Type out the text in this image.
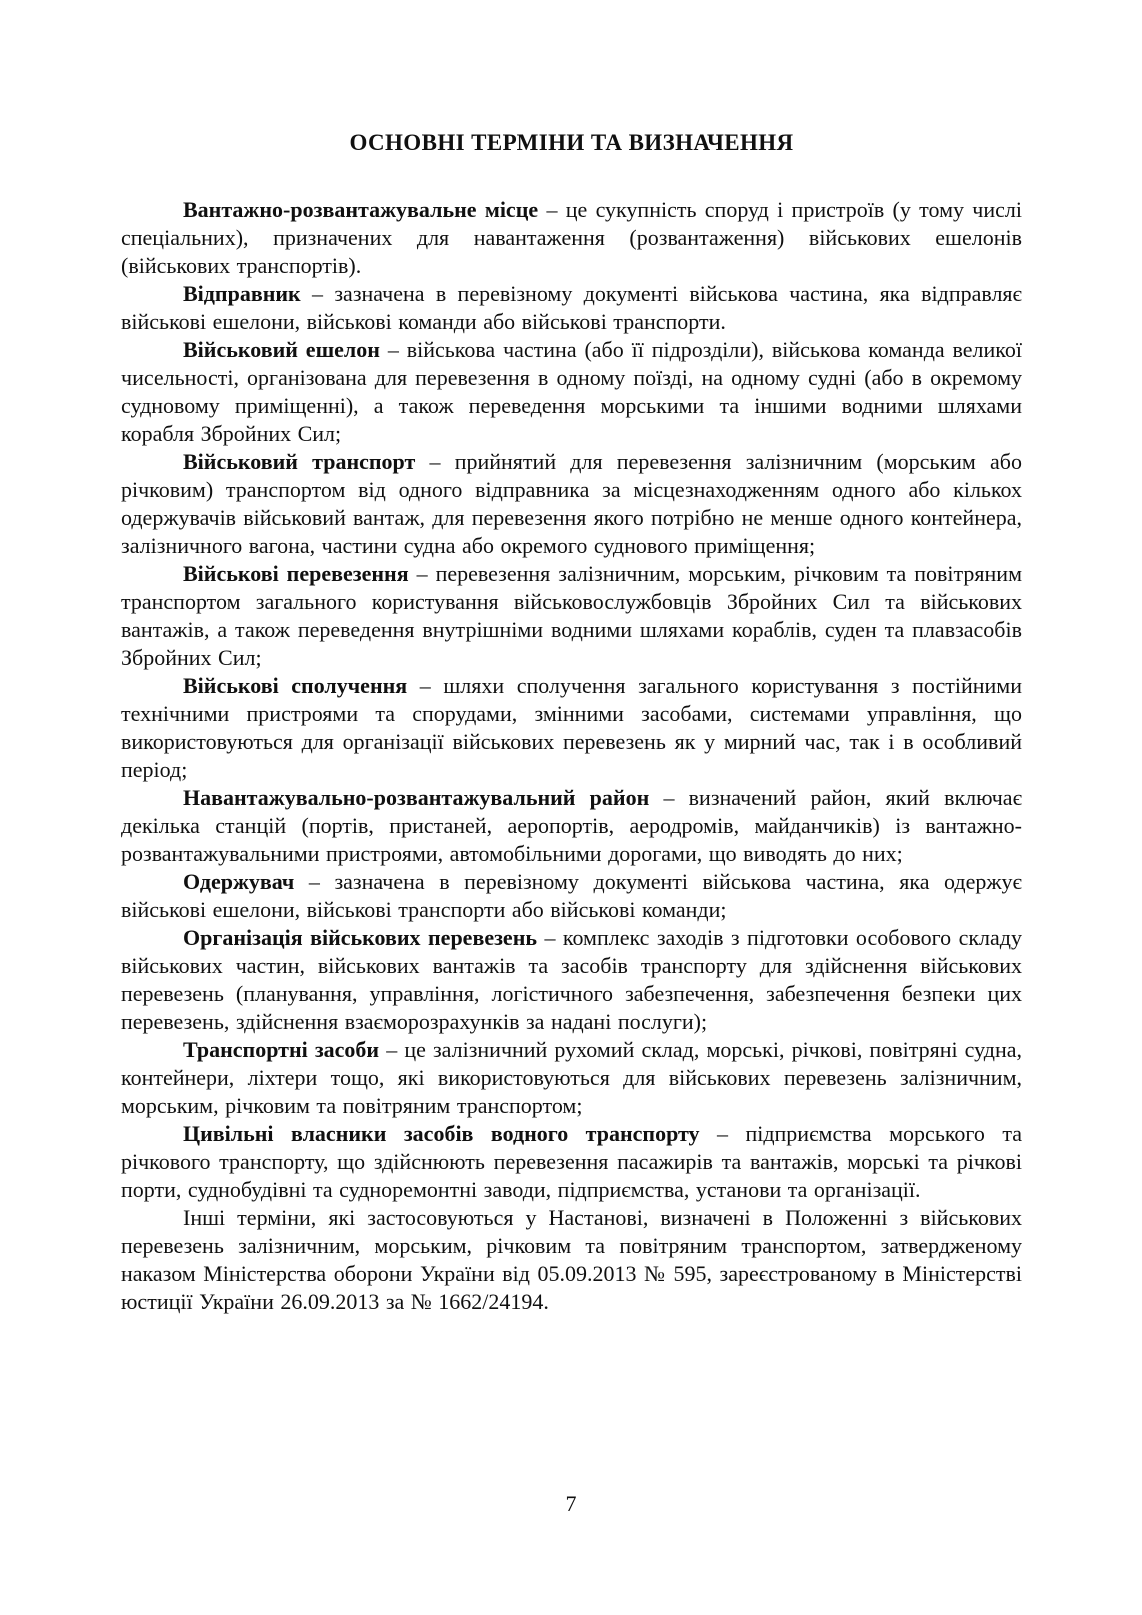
ОСНОВНІ ТЕРМІНИ ТА ВИЗНАЧЕННЯ

Вантажно-розвантажувальне місце – це сукупність споруд і пристроїв (у тому числі спеціальних), призначених для навантаження (розвантаження) військових ешелонів (військових транспортів).

Відправник – зазначена в перевізному документі військова частина, яка відправляє військові ешелони, військові команди або військові транспорти.

Військовий ешелон – військова частина (або її підрозділи), військова команда великої чисельності, організована для перевезення в одному поїзді, на одному судні (або в окремому судновому приміщенні), а також переведення морськими та іншими водними шляхами корабля Збройних Сил;

Військовий транспорт – прийнятий для перевезення залізничним (морським або річковим) транспортом від одного відправника за місцезнаходженням одного або кількох одержувачів військовий вантаж, для перевезення якого потрібно не менше одного контейнера, залізничного вагона, частини судна або окремого суднового приміщення;

Військові перевезення – перевезення залізничним, морським, річковим та повітряним транспортом загального користування військовослужбовців Збройних Сил та військових вантажів, а також переведення внутрішніми водними шляхами кораблів, суден та плавзасобів Збройних Сил;

Військові сполучення – шляхи сполучення загального користування з постійними технічними пристроями та спорудами, змінними засобами, системами управління, що використовуються для організації військових перевезень як у мирний час, так і в особливий період;

Навантажувально-розвантажувальний район – визначений район, який включає декілька станцій (портів, пристаней, аеропортів, аеродромів, майданчиків) із вантажно-розвантажувальними пристроями, автомобільними дорогами, що виводять до них;

Одержувач – зазначена в перевізному документі військова частина, яка одержує військові ешелони, військові транспорти або військові команди;

Організація військових перевезень – комплекс заходів з підготовки особового складу військових частин, військових вантажів та засобів транспорту для здійснення військових перевезень (планування, управління, логістичного забезпечення, забезпечення безпеки цих перевезень, здійснення взаєморозрахунків за надані послуги);

Транспортні засоби – це залізничний рухомий склад, морські, річкові, повітряні судна, контейнери, ліхтери тощо, які використовуються для військових перевезень залізничним, морським, річковим та повітряним транспортом;

Цивільні власники засобів водного транспорту – підприємства морського та річкового транспорту, що здійснюють перевезення пасажирів та вантажів, морські та річкові порти, суднобудівні та судноремонтні заводи, підприємства, установи та організації.

Інші терміни, які застосовуються у Настанові, визначені в Положенні з військових перевезень залізничним, морським, річковим та повітряним транспортом, затвердженому наказом Міністерства оборони України від 05.09.2013 № 595, зареєстрованому в Міністерстві юстиції України 26.09.2013 за № 1662/24194.

7
